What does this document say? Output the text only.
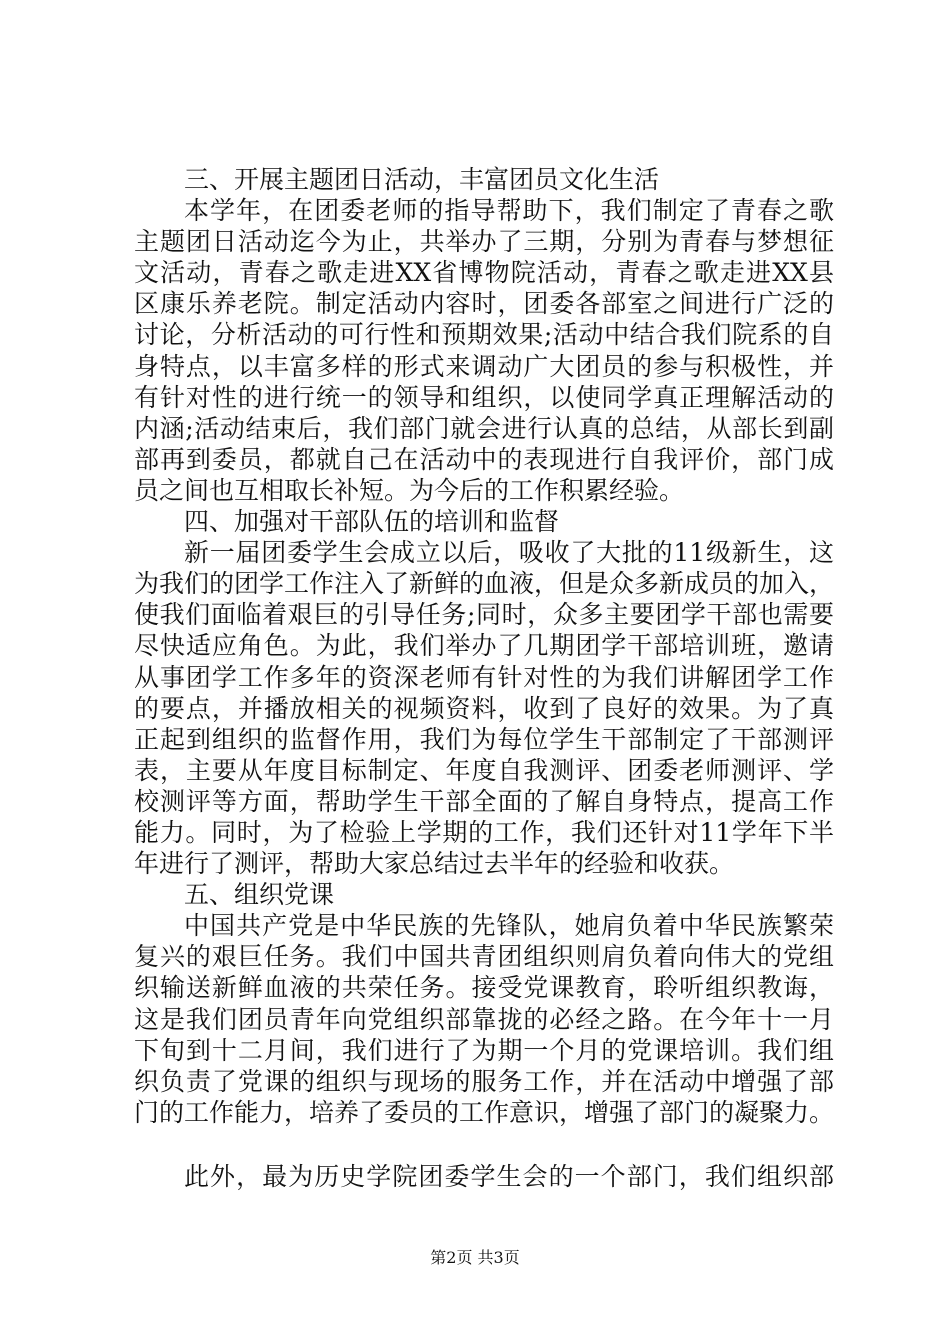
三、开展主题团日活动，丰富团员文化生活
本学年，在团委老师的指导帮助下，我们制定了青春之歌
主题团日活动迄今为止，共举办了三期，分别为青春与梦想征
文活动，青春之歌走进XX省博物院活动，青春之歌走进XX县
区康乐养老院。制定活动内容时，团委各部室之间进行广泛的
讨论，分析活动的可行性和预期效果;活动中结合我们院系的自
身特点，以丰富多样的形式来调动广大团员的参与积极性，并
有针对性的进行统一的领导和组织，以使同学真正理解活动的
内涵;活动结束后，我们部门就会进行认真的总结，从部长到副
部再到委员，都就自己在活动中的表现进行自我评价，部门成
员之间也互相取长补短。为今后的工作积累经验。
四、加强对干部队伍的培训和监督
新一届团委学生会成立以后，吸收了大批的11级新生，这
为我们的团学工作注入了新鲜的血液，但是众多新成员的加入，
使我们面临着艰巨的引导任务;同时，众多主要团学干部也需要
尽快适应角色。为此，我们举办了几期团学干部培训班，邀请
从事团学工作多年的资深老师有针对性的为我们讲解团学工作
的要点，并播放相关的视频资料，收到了良好的效果。为了真
正起到组织的监督作用，我们为每位学生干部制定了干部测评
表，主要从年度目标制定、年度自我测评、团委老师测评、学
校测评等方面，帮助学生干部全面的了解自身特点，提高工作
能力。同时，为了检验上学期的工作，我们还针对11学年下半
年进行了测评，帮助大家总结过去半年的经验和收获。
五、组织党课
中国共产党是中华民族的先锋队，她肩负着中华民族繁荣
复兴的艰巨任务。我们中国共青团组织则肩负着向伟大的党组
织输送新鲜血液的共荣任务。接受党课教育，聆听组织教诲，
这是我们团员青年向党组织部靠拢的必经之路。在今年十一月
下旬到十二月间，我们进行了为期一个月的党课培训。我们组
织负责了党课的组织与现场的服务工作，并在活动中增强了部
门的工作能力，培养了委员的工作意识，增强了部门的凝聚力。
此外，最为历史学院团委学生会的一个部门，我们组织部
第2页 共3页
